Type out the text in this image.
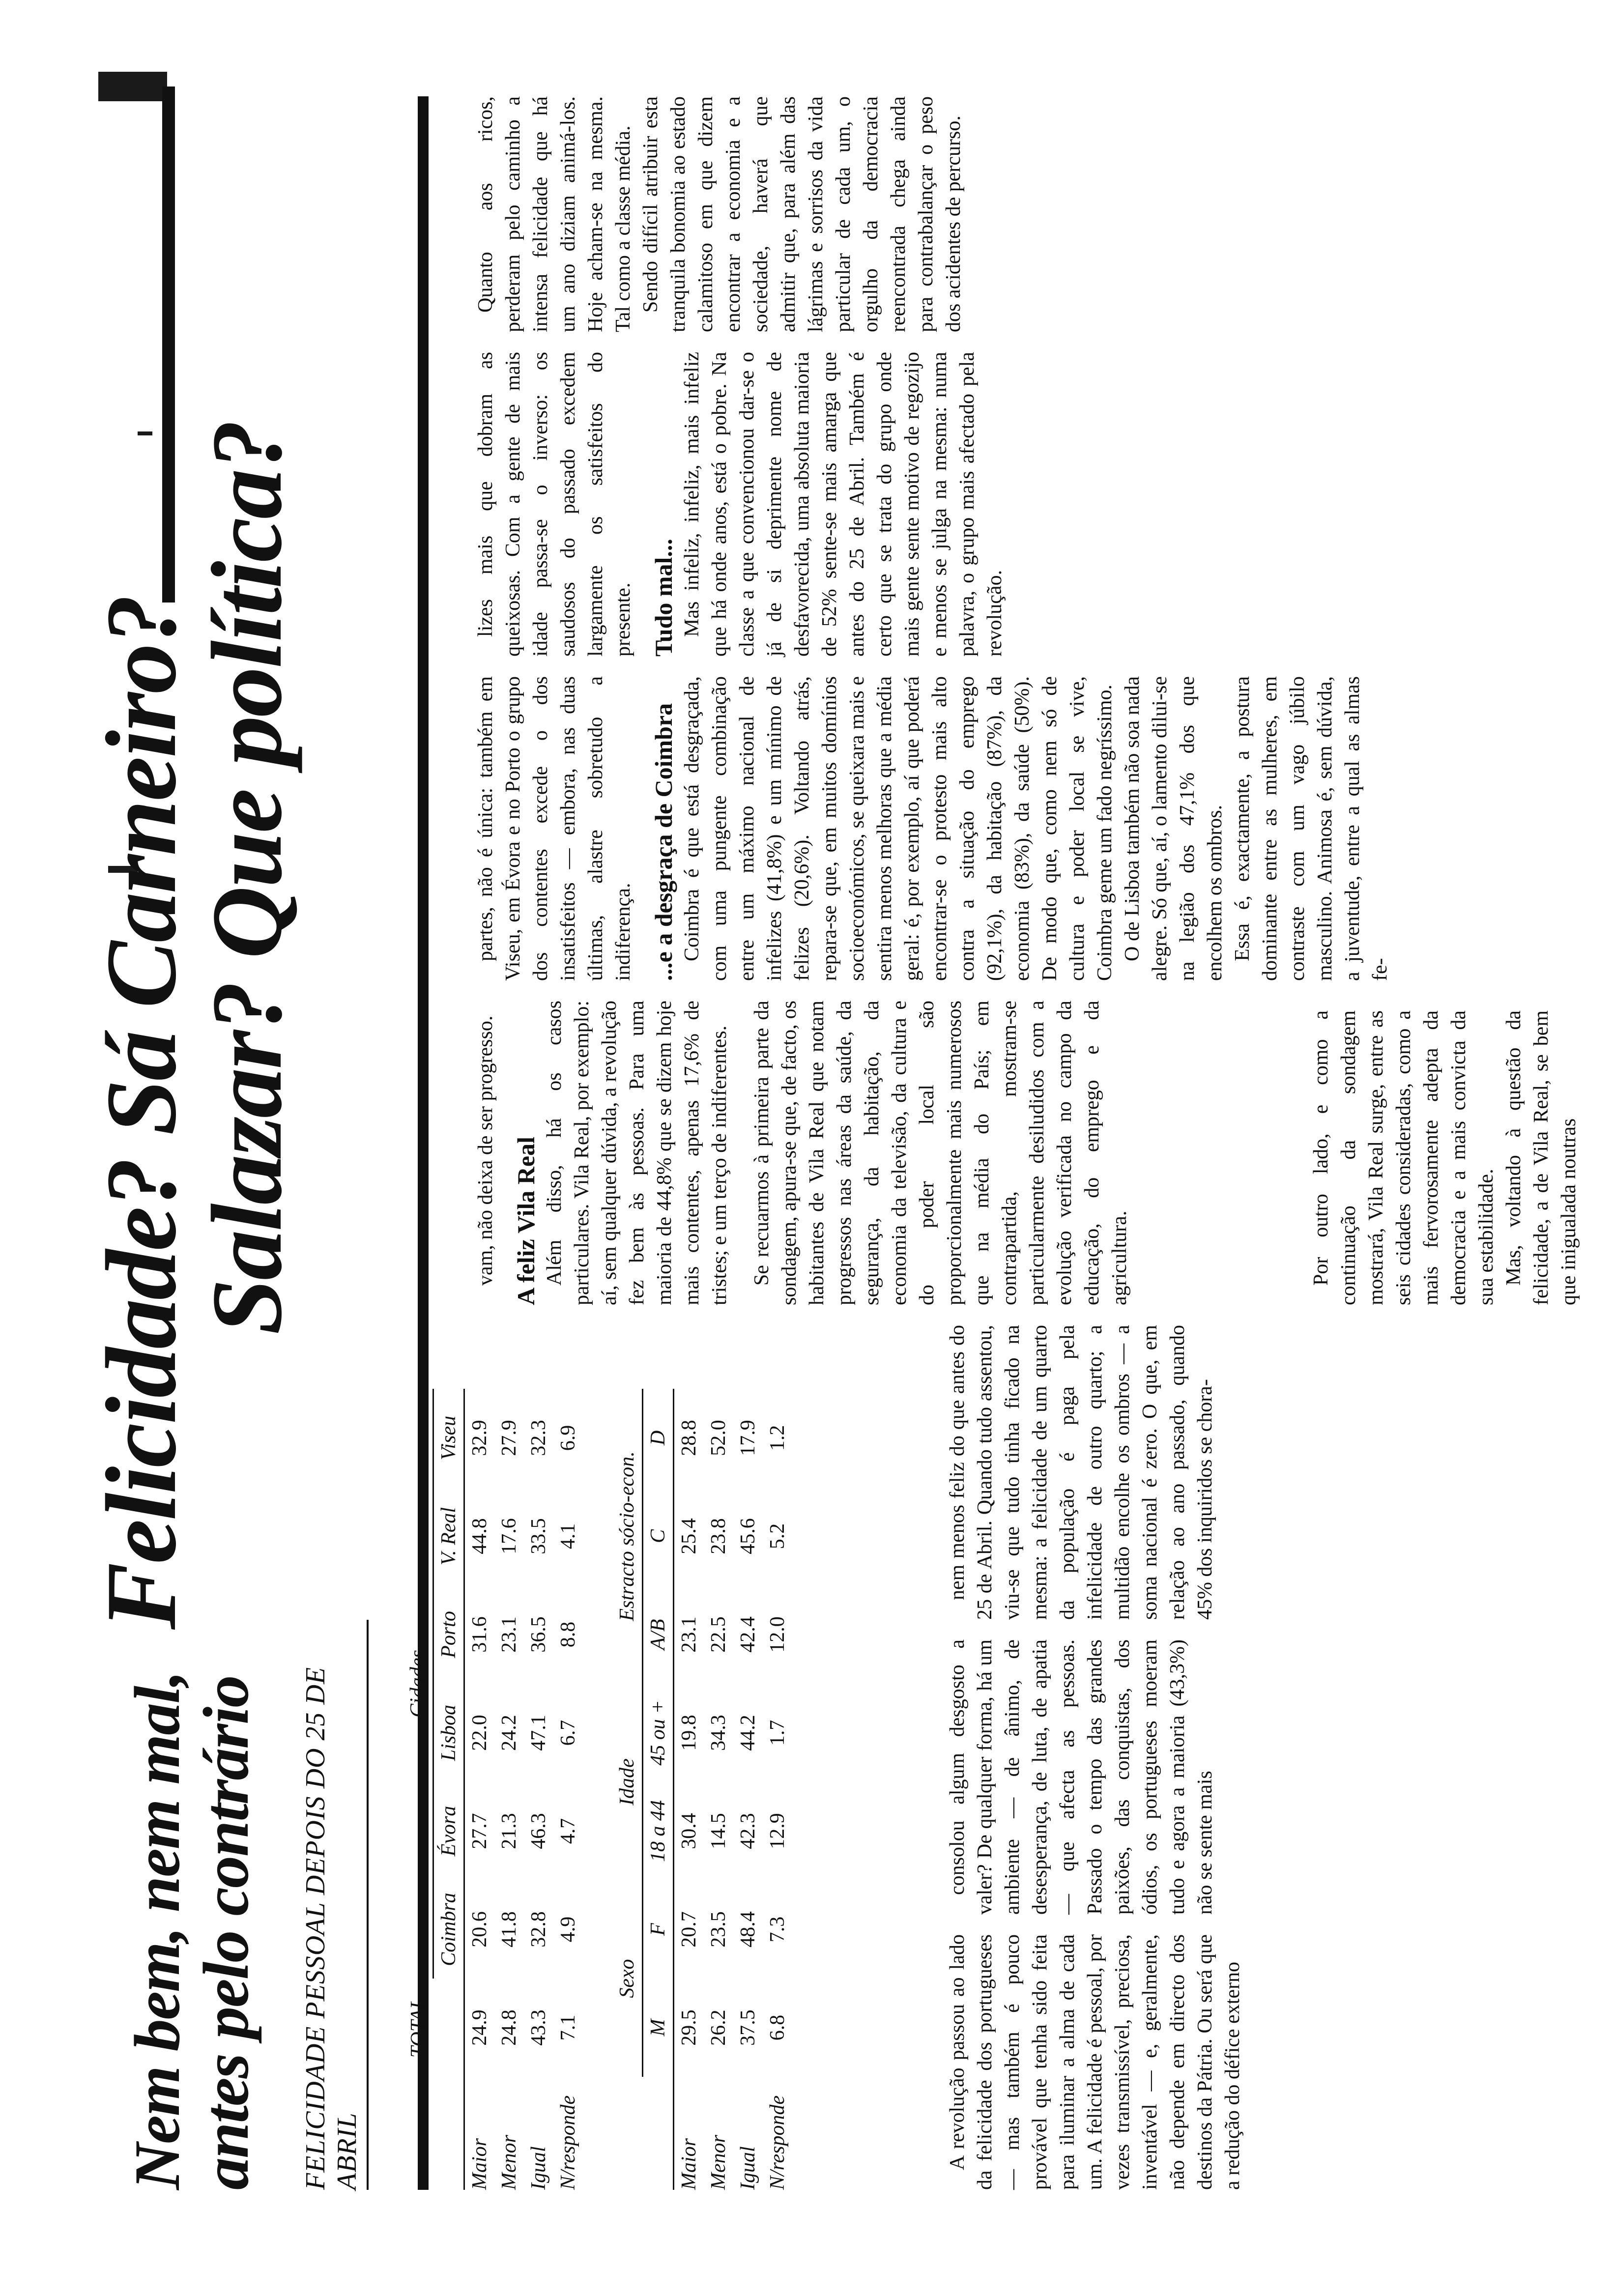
Nem bem, nem mal,
antes pelo contrário
Felicidade? Sá Carneiro?
Salazar? Que política?
FELICIDADE PESSOAL DEPOIS DO 25 DE ABRIL
	TOTAL	Cidades					
		Coimbra	Évora	Lisboa	Porto	V. Real	Viseu
Maior	24.9	20.6	27.7	22.0	31.6	44.8	32.9
Menor	24.8	41.8	21.3	24.2	23.1	17.6	27.9
Igual	43.3	32.8	46.3	47.1	36.5	33.5	32.3
N/responde	7.1	4.9	4.7	6.7	8.8	4.1	6.9
	Sexo		Idade		Estracto sócio-econ.		
	M	F	18 a 44	45 ou +	A/B	C	D
Maior	29.5	20.7	30.4	19.8	23.1	25.4	28.8
Menor	26.2	23.5	14.5	34.3	22.5	23.8	52.0
Igual	37.5	48.4	42.3	44.2	42.4	45.6	17.9
N/responde	6.8	7.3	12.9	1.7	12.0	5.2	1.2

A revolução passou ao lado da felicidade dos portugueses — mas também é pouco provável que tenha sido feita para iluminar a alma de cada um. A felicidade é pessoal, por vezes transmissível, preciosa, inventável — e, geralmente, não depende em directo dos destinos da Pátria. Ou será que a redução do défice externo

consolou algum desgosto a valer? De qualquer forma, há um ambiente — de ânimo, de desesperança, de luta, de apatia — que afecta as pessoas. Passado o tempo das grandes paixões, das conquistas, dos ódios, os portugueses moeram tudo e agora a maioria (43,3%) não se sente mais

nem menos feliz do que antes do 25 de Abril. Quando tudo assentou, viu-se que tudo tinha ficado na mesma: a felicidade de um quarto da população é paga pela infelicidade de outro quarto; a multidão encolhe os ombros — a soma nacional é zero. O que, em relação ao ano passado, quando 45% dos inquiridos se chora-

vam, não deixa de ser progresso. A feliz Vila Real Além disso, há os casos particulares. Vila Real, por exemplo: aí, sem qualquer dúvida, a revolução fez bem às pessoas. Para uma maioria de 44,8% que se dizem hoje mais contentes, apenas 17,6% de tristes; e um terço de indiferentes. Se recuarmos à primeira parte da sondagem, apura-se que, de facto, os habitantes de Vila Real que notam progressos nas áreas da saúde, da segurança, da habitação, da economia da televisão, da cultura e do poder local são proporcionalmente mais numerosos que na média do País; em contrapartida, mostram-se particularmente desiludidos com a evolução verificada no campo da educação, do emprego e da agricultura.	Por outro lado, e como a continuação da sondagem mostrará, Vila Real surge, entre as seis cidades consideradas, como a mais fervorosamente adepta da democracia e a mais convicta da sua estabilidade. Mas, voltando à questão da felicidade, a de Vila Real, se bem que inigualada noutras

partes, não é única: também em Viseu, em Évora e no Porto o grupo dos contentes excede o dos insatisfeitos — embora, nas duas últimas, alastre sobretudo a indiferença. ...e a desgraça de Coimbra Coimbra é que está desgraçada, com uma pungente combinação entre um máximo nacional de infelizes (41,8%) e um mínimo de felizes (20,6%). Voltando atrás, repara-se que, em muitos domínios socioeconómicos, se queixara mais e sentira menos melhoras que a média geral: é, por exemplo, aí que poderá encontrar-se o protesto mais alto contra a situação do emprego (92,1%), da habitação (87%), da economia (83%), da saúde (50%). De modo que, como nem só de cultura e poder local se vive, Coimbra geme um fado negríssimo. O de Lisboa também não soa nada alegre. Só que, aí, o lamento dilui-se na legião dos 47,1% dos que encolhem os ombros. Essa é, exactamente, a postura dominante entre as mulheres, em contraste com um vago júbilo masculino. Animosa é, sem dúvida, a juventude, entre a qual as almas fe-

lizes mais que dobram as queixosas. Com a gente de mais idade passa-se o inverso: os saudosos do passado excedem largamente os satisfeitos do presente. Tudo mal... Mas infeliz, infeliz, mais infeliz que há onde anos, está o pobre. Na classe a que convencionou dar-se o já de si deprimente nome de desfavorecida, uma absoluta maioria de 52% sente-se mais amarga que antes do 25 de Abril. Também é certo que se trata do grupo onde mais gente sente motivo de regozijo e menos se julga na mesma: numa palavra, o grupo mais afectado pela revolução.

Quanto aos ricos, perderam pelo caminho a intensa felicidade que há um ano diziam animá-los. Hoje acham-se na mesma. Tal como a classe média. Sendo difícil atribuir esta tranquila bonomia ao estado calamitoso em que dizem encontrar a economia e a sociedade, haverá que admitir que, para além das lágrimas e sorrisos da vida particular de cada um, o orgulho da democracia reencontrada chega ainda para contrabalançar o peso dos acidentes de percurso.
